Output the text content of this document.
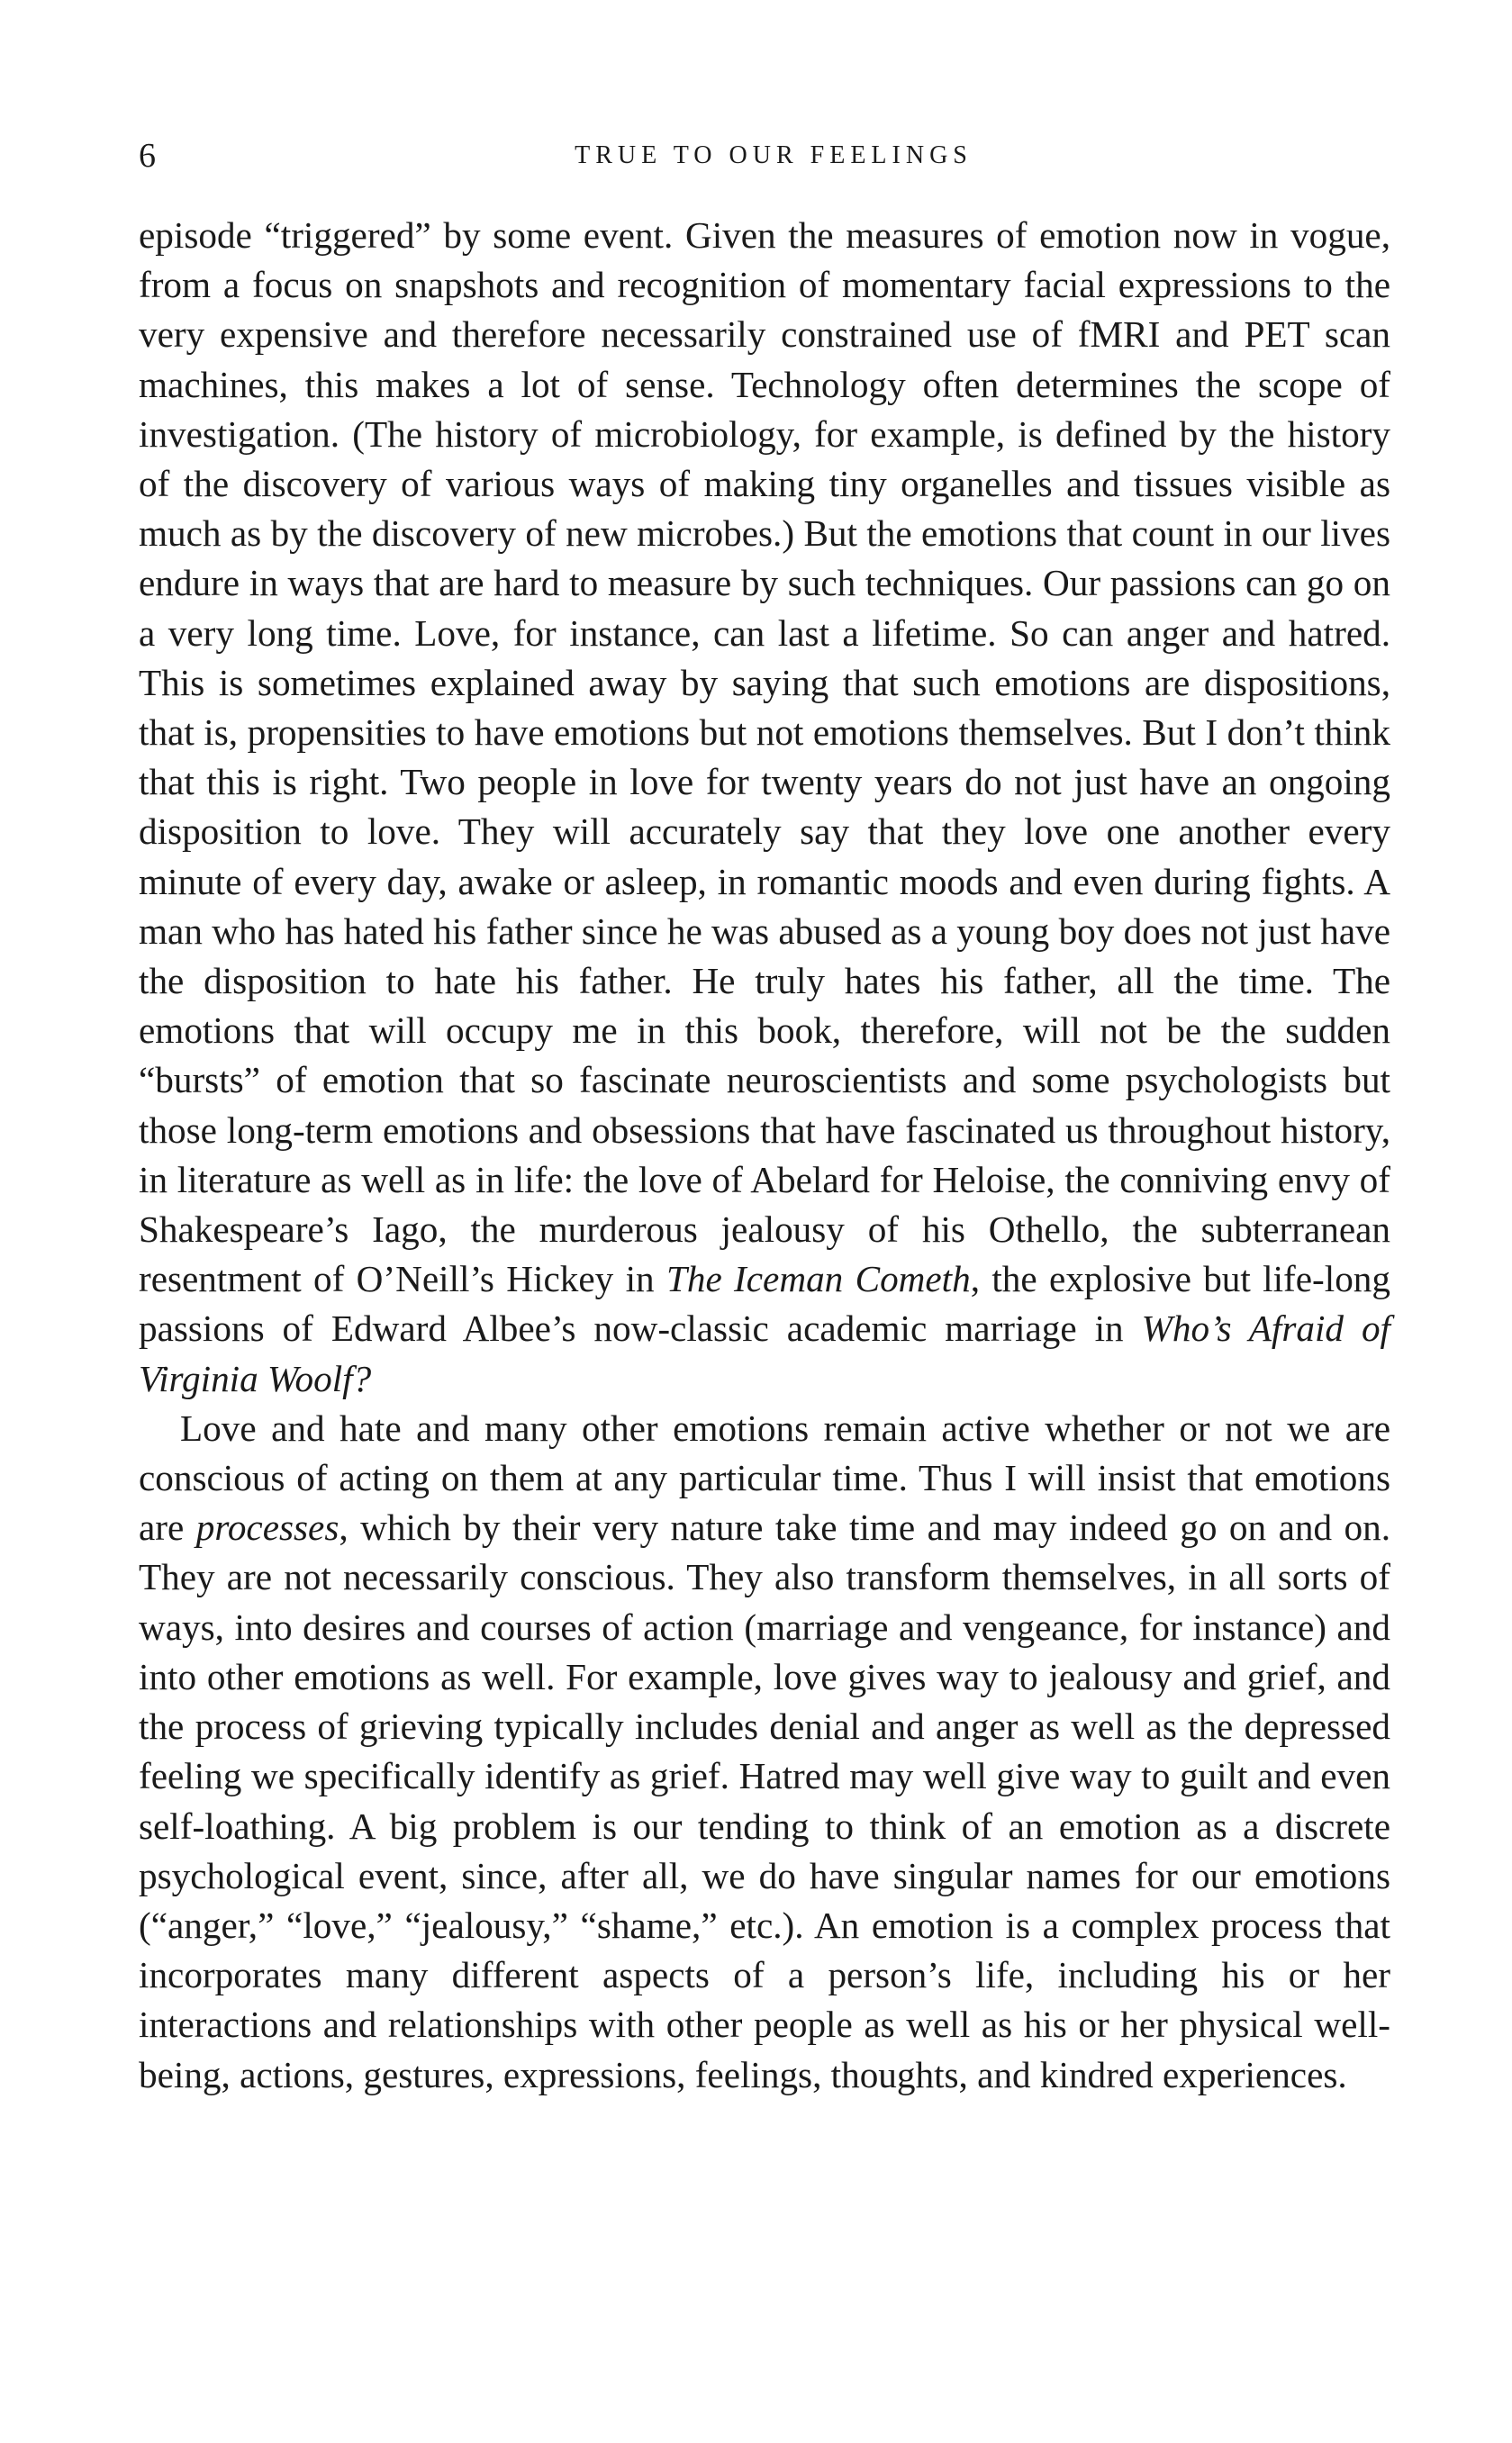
6	TRUE TO OUR FEELINGS

episode “triggered” by some event. Given the measures of emotion now in vogue, from a focus on snapshots and recognition of momentary facial expressions to the very expensive and therefore necessarily constrained use of fMRI and PET scan machines, this makes a lot of sense. Technology often determines the scope of investigation. (The history of microbiology, for example, is defined by the history of the discovery of various ways of making tiny organelles and tissues visible as much as by the discovery of new microbes.) But the emotions that count in our lives endure in ways that are hard to measure by such techniques. Our passions can go on a very long time. Love, for instance, can last a lifetime. So can anger and hatred. This is sometimes explained away by saying that such emotions are dispositions, that is, propensities to have emotions but not emotions themselves. But I don’t think that this is right. Two people in love for twenty years do not just have an ongoing disposition to love. They will accurately say that they love one another every minute of every day, awake or asleep, in romantic moods and even during fights. A man who has hated his father since he was abused as a young boy does not just have the disposition to hate his father. He truly hates his father, all the time. The emotions that will occupy me in this book, therefore, will not be the sudden “bursts” of emotion that so fascinate neuroscientists and some psychologists but those long-term emotions and obsessions that have fascinated us throughout history, in literature as well as in life: the love of Abelard for Heloise, the conniving envy of Shakespeare’s Iago, the murderous jealousy of his Othello, the subterranean resentment of O’Neill’s Hickey in The Iceman Cometh, the explosive but life-long passions of Edward Albee’s now-classic academic marriage in Who’s Afraid of Virginia Woolf?

Love and hate and many other emotions remain active whether or not we are conscious of acting on them at any particular time. Thus I will insist that emotions are processes, which by their very nature take time and may indeed go on and on. They are not necessarily conscious. They also transform themselves, in all sorts of ways, into desires and courses of action (marriage and vengeance, for instance) and into other emotions as well. For example, love gives way to jealousy and grief, and the process of grieving typically includes denial and anger as well as the depressed feeling we specifically identify as grief. Hatred may well give way to guilt and even self-loathing. A big problem is our tending to think of an emotion as a discrete psychological event, since, after all, we do have singular names for our emotions (“anger,” “love,” “jealousy,” “shame,” etc.). An emotion is a complex process that incorporates many different aspects of a person’s life, including his or her interactions and relationships with other people as well as his or her physical well-being, actions, gestures, expressions, feelings, thoughts, and kindred experiences.
